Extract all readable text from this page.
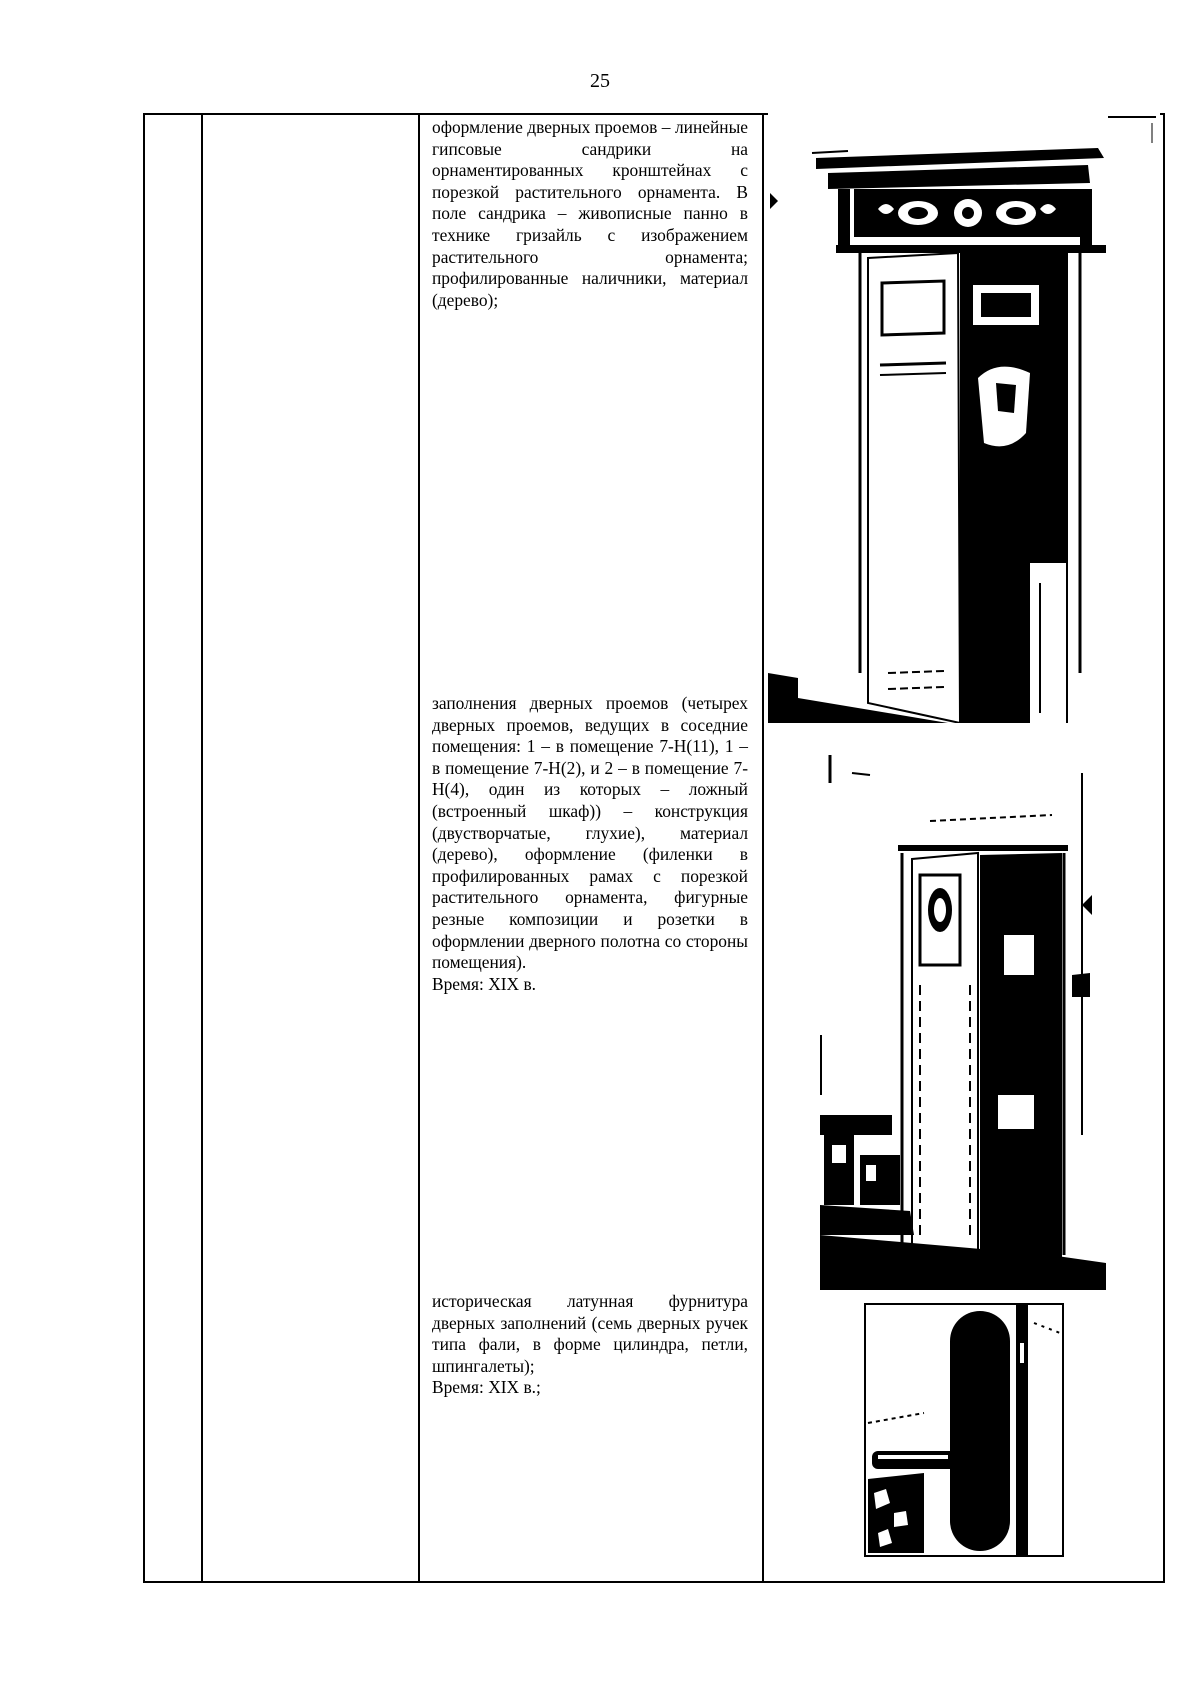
25

оформление дверных проемов – линейные гипсовые сандрики на орнаментированных кронштейнах с порезкой растительного орнамента. В поле сандрика – живописные панно в технике гризайль с изображением растительного орнамента; профилированные наличники, материал (дерево);

заполнения дверных проемов (четырех дверных проемов, ведущих в соседние помещения: 1 – в помещение 7-Н(11), 1 – в помещение 7-Н(2), и 2 – в помещение 7-Н(4), один из которых – ложный (встроенный шкаф)) – конструкция (двустворчатые, глухие), материал (дерево), оформление (филенки в профилированных рамах с порезкой растительного орнамента, фигурные резные композиции и розетки в оформлении дверного полотна со стороны помещения).

Время: XIX в.

историческая латунная фурнитура дверных заполнений (семь дверных ручек типа фали, в форме цилиндра, петли, шпингалеты);

Время: XIX в.;
